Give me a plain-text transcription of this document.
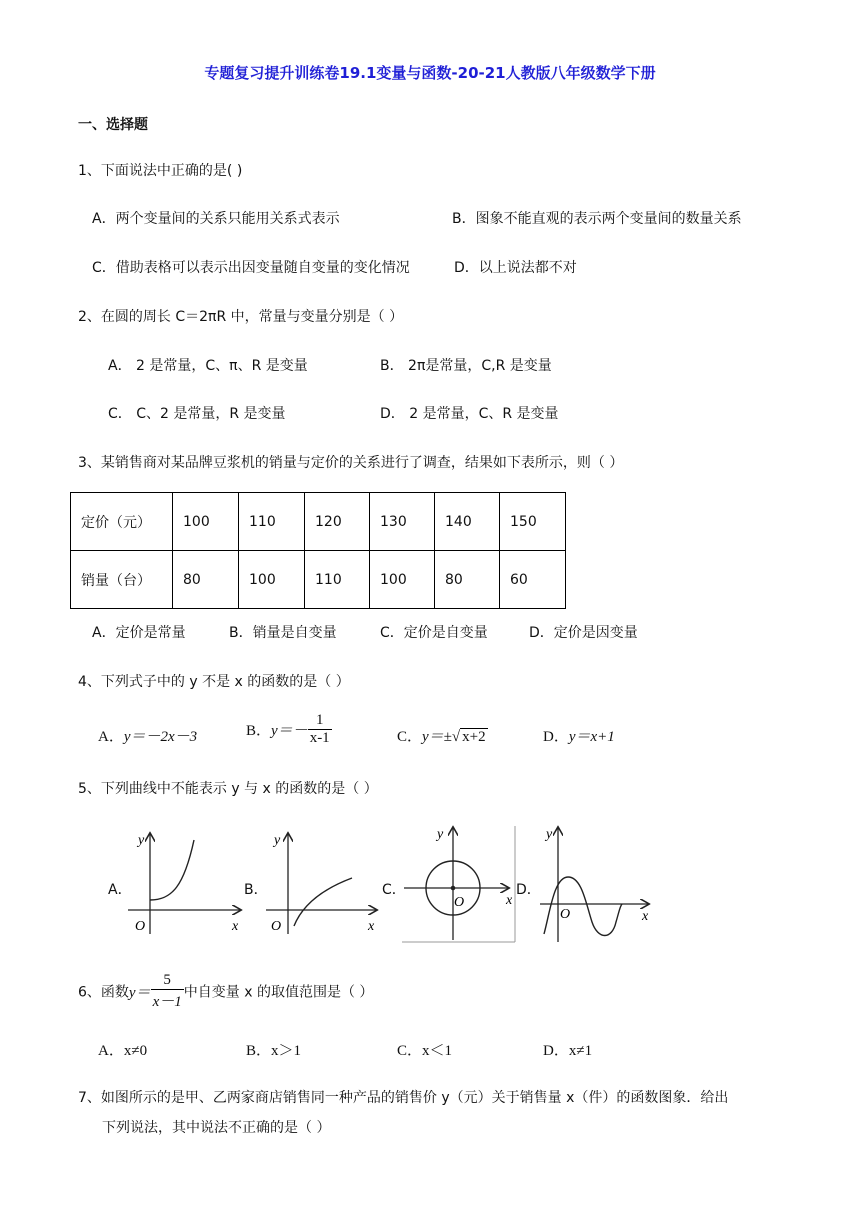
专题复习提升训练卷19.1变量与函数-20-21人教版八年级数学下册
一、选择题
1、下面说法中正确的是( )
A．两个变量间的关系只能用关系式表示	B．图象不能直观的表示两个变量间的数量关系
C．借助表格可以表示出因变量随自变量的变化情况	D．以上说法都不对
2、在圆的周长 C＝2πR 中，常量与变量分别是（ ）
A． 2 是常量，C、π、R 是变量	B． 2π是常量，C,R 是变量
C． C、2 是常量，R 是变量	D． 2 是常量，C、R 是变量
3、某销售商对某品牌豆浆机的销量与定价的关系进行了调查，结果如下表所示，则（ ）
定价（元）	100	110	120	130	140	150
销量（台）	80	100	110	100	80	60
A．定价是常量	B．销量是自变量	C．定价是自变量	D．定价是因变量
4、下列式子中的 y 不是 x 的函数的是（ ）
A．y＝－2x－3	B．$y=- \frac{1}{x-1}$	C．y＝±√ x+2	D．y＝x+1
5、下列曲线中不能表示 y 与 x 的函数的是（ ）
A．	B．	C．	D．
y
x
O
y
x
O
y
x
O
y
x
O
6、函数$y= \frac{5}{x-1}$ 中自变量 x 的取值范围是（ ）
A．x≠0	B．x＞1	C．x＜1	D．x≠1
7、如图所示的是甲、乙两家商店销售同一种产品的销售价 y（元）关于销售量 x（件）的函数图象．给出
下列说法，其中说法不正确的是（ ）
